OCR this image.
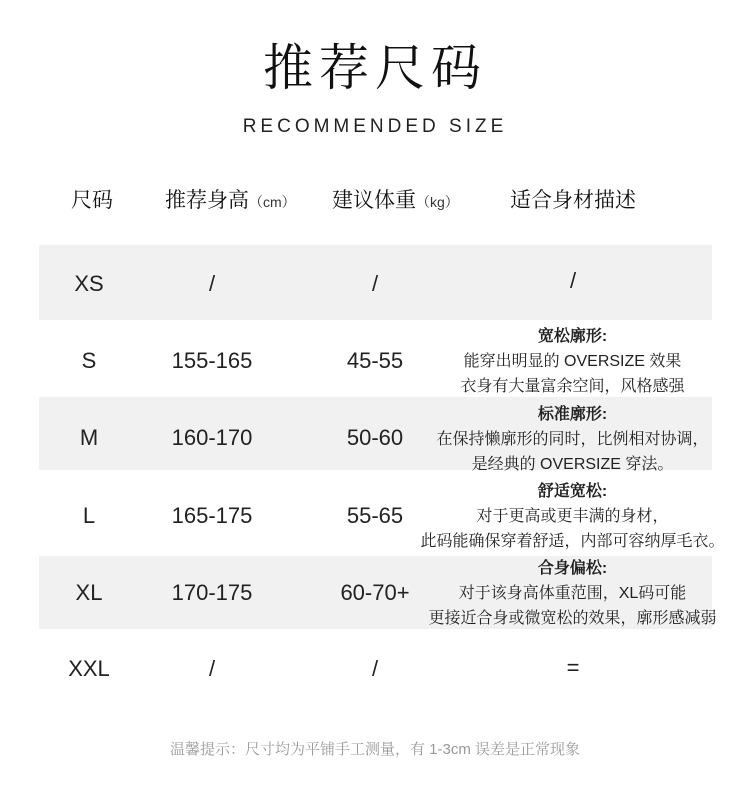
推荐尺码
RECOMMENDED SIZE
尺码 推荐身高（cm） 建议体重（kg） 适合身材描述
XS	/	/	/
S	155-165	45-55
宽松廓形:
能穿出明显的 OVERSIZE 效果
衣身有大量富余空间，风格感强
M	160-170	50-60
标准廓形:
在保持懒廓形的同时，比例相对协调，
是经典的 OVERSIZE 穿法。
L	165-175	55-65
舒适宽松:
对于更高或更丰满的身材，
此码能确保穿着舒适，内部可容纳厚毛衣。
XL	170-175	60-70+
合身偏松:
对于该身高体重范围，XL码可能
更接近合身或微宽松的效果，廓形感减弱
XXL	/	/	=
温馨提示：尺寸均为平铺手工测量，有 1-3cm 误差是正常现象
